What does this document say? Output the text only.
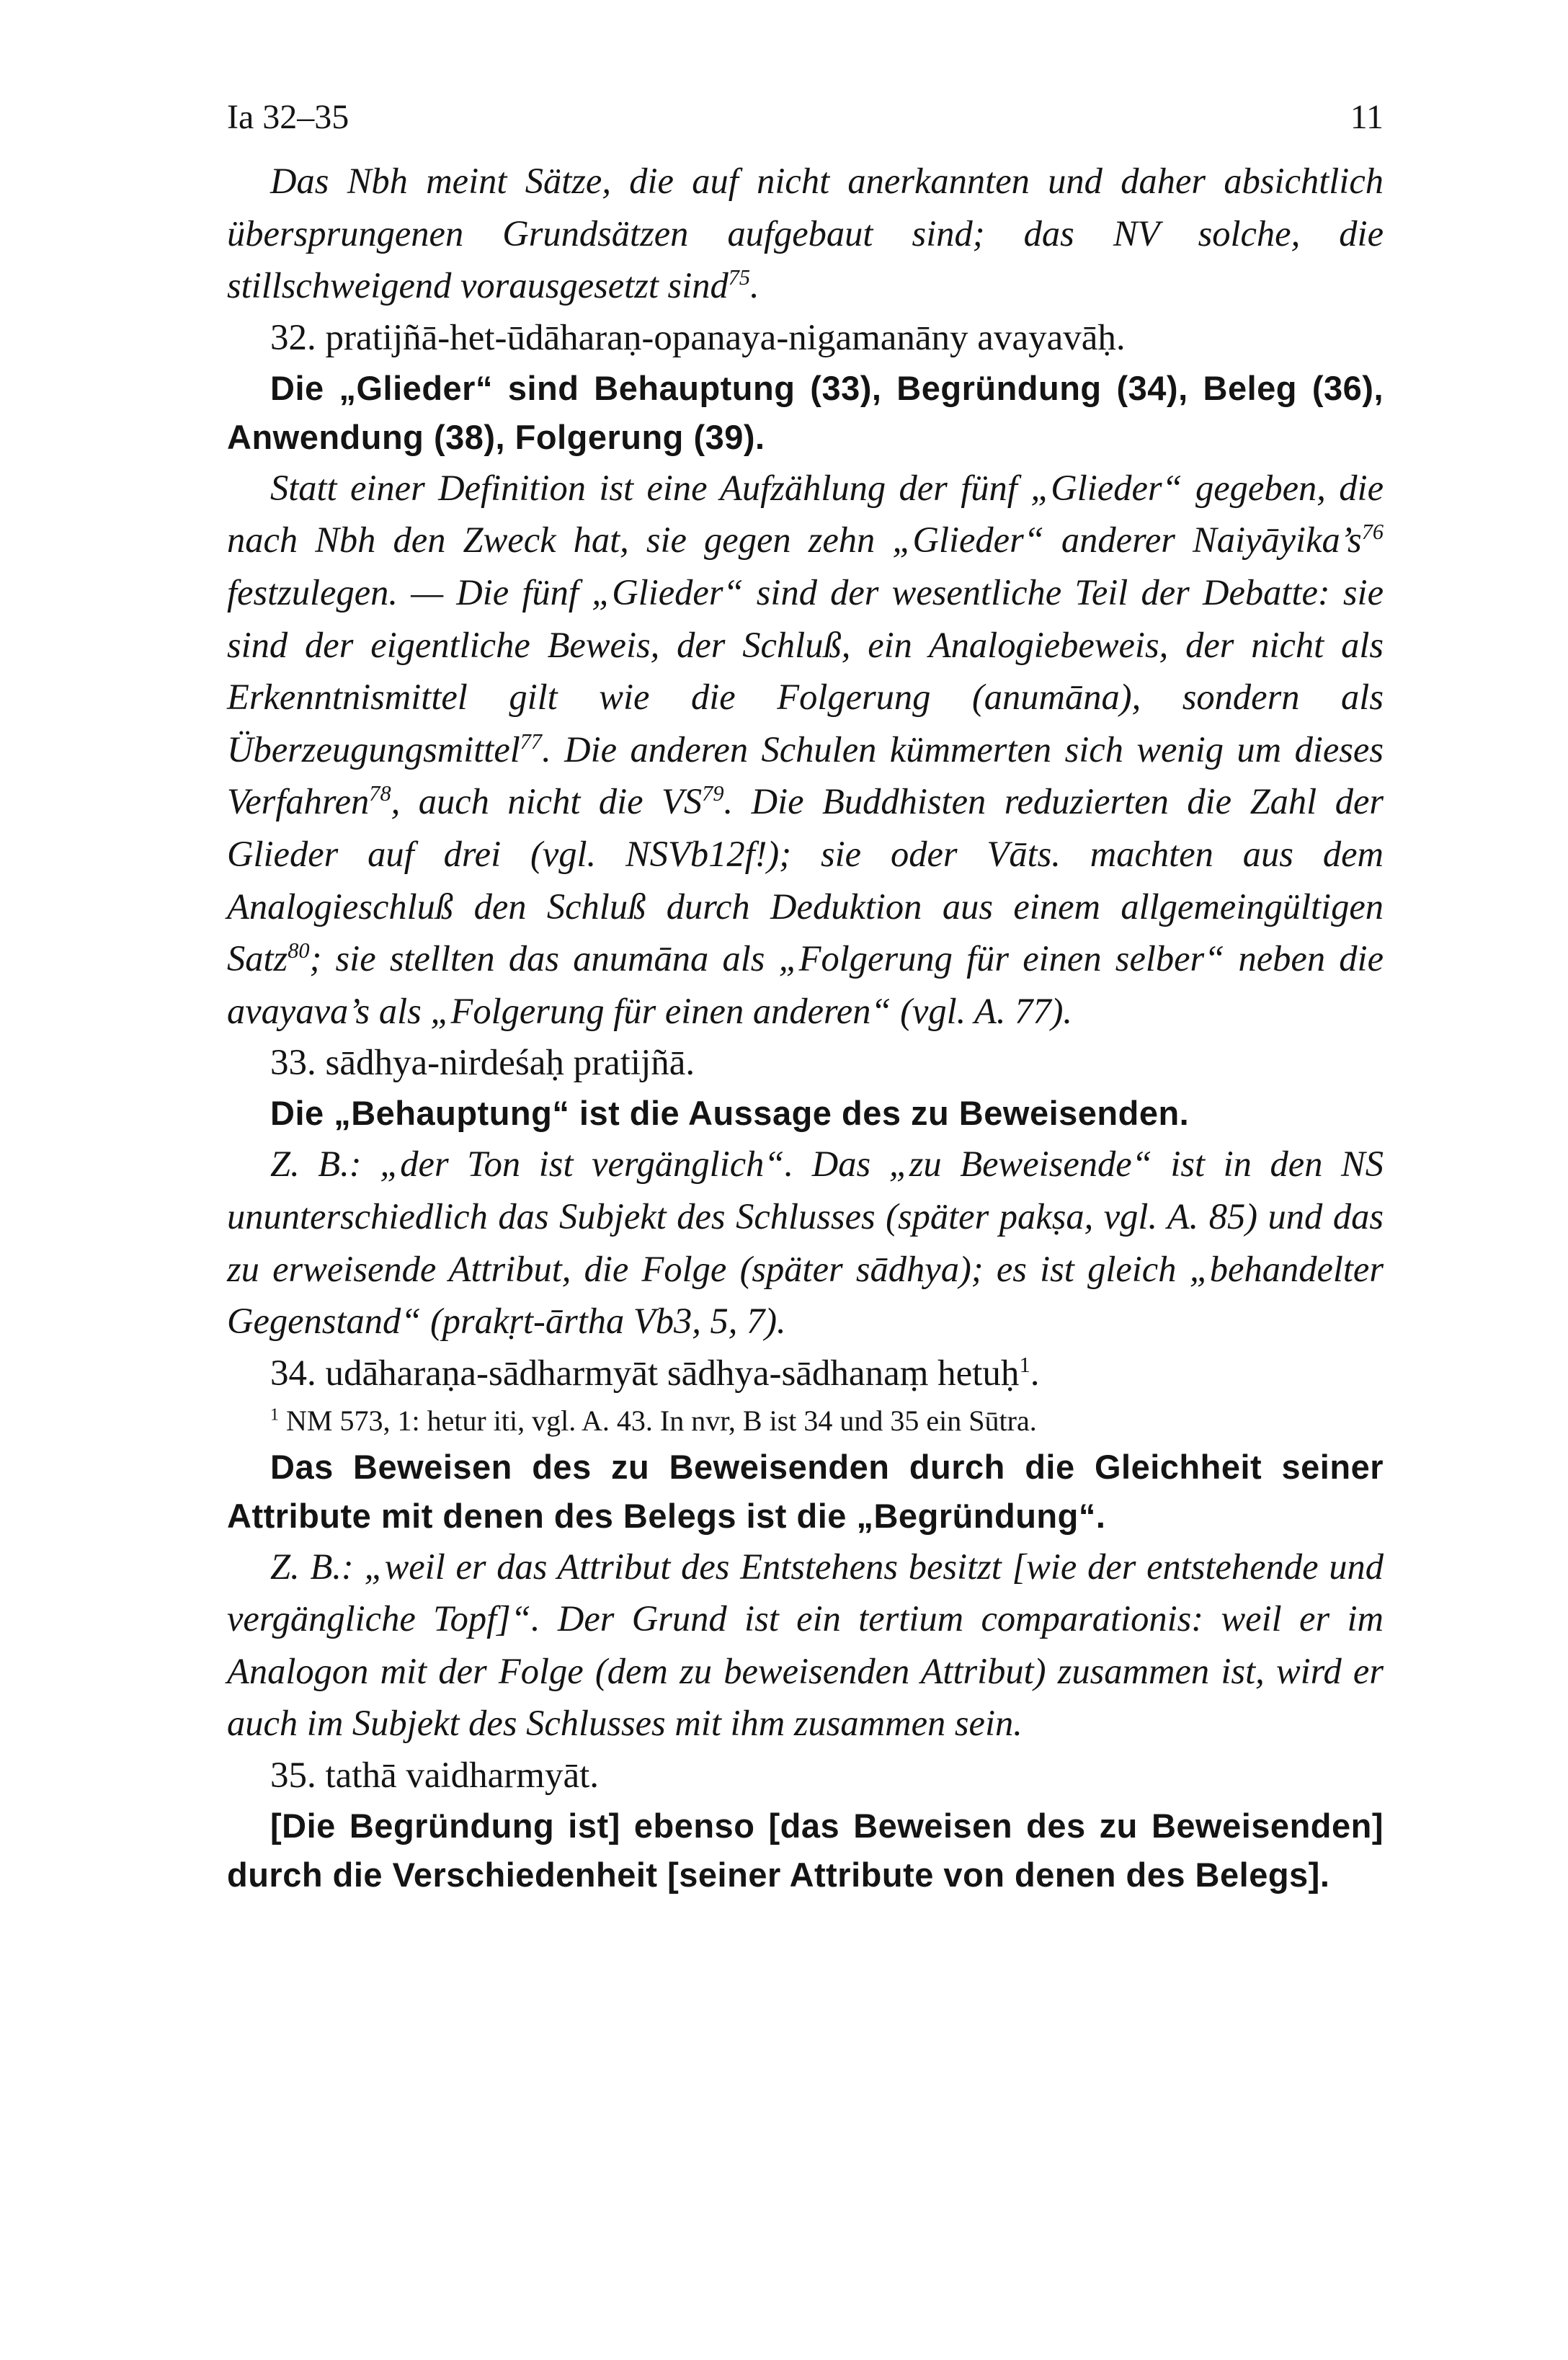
Ia 32–35	11

Das Nbh meint Sätze, die auf nicht anerkannten und daher absichtlich übersprungenen Grundsätzen aufgebaut sind; das NV solche, die stillschweigend vorausgesetzt sind$^{75}$.

32. pratijñā-het-ūdāharaṇ-opanaya-nigamanāny avayavāḥ.

Die „Glieder“ sind Behauptung (33), Begründung (34), Beleg (36), Anwendung (38), Folgerung (39).

Statt einer Definition ist eine Aufzählung der fünf „Glieder“ gegeben, die nach Nbh den Zweck hat, sie gegen zehn „Glieder“ anderer $Naiyāyika’s^{76}$ festzulegen. — Die fünf „Glieder“ sind der wesentliche Teil der Debatte: sie sind der eigentliche Beweis, der Schluß, ein Analogiebeweis, der nicht als Erkenntnismittel gilt wie die Folgerung (anumāna), sondern als Überzeugungsmittel$^{77}$. Die anderen Schulen kümmerten sich wenig um dieses Verfahren$^{78}$, auch nicht die VS$^{79}$. Die Buddhisten reduzierten die Zahl der Glieder auf drei (vgl. NSVb12f!); sie oder Vāts. machten aus dem Analogieschluß den Schluß durch Deduktion aus einem allgemeingültigen Satz$^{80}$; sie stellten das anumāna als „Folgerung für einen selber“ neben die avayava’s als „Folgerung für einen anderen“ (vgl. A. 77).

33. sādhya-nirdeśaḥ pratijñā.

Die „Behauptung“ ist die Aussage des zu Beweisenden.

Z. B.: „der Ton ist vergänglich“. Das „zu Beweisende“ ist in den NS ununterschiedlich das Subjekt des Schlusses (später pakṣa, vgl. A. 85) und das zu erweisende Attribut, die Folge (später sādhya); es ist gleich „behandelter Gegenstand“ (prakṛt-ārtha Vb3, 5, 7).

34. udāharaṇa-sādharmyāt sādhya-sādhanaṃ hetuḥ$^1$.

$^1$ NM 573, 1: hetur iti, vgl. A. 43. In nvr, B ist 34 und 35 ein Sūtra.

Das Beweisen des zu Beweisenden durch die Gleichheit seiner Attribute mit denen des Belegs ist die „Begründung“.

Z. B.: „weil er das Attribut des Entstehens besitzt [wie der entstehende und vergängliche Topf]“. Der Grund ist ein tertium comparationis: weil er im Analogon mit der Folge (dem zu beweisenden Attribut) zusammen ist, wird er auch im Subjekt des Schlusses mit ihm zusammen sein.

35. tathā vaidharmyāt.

[Die Begründung ist] ebenso [das Beweisen des zu Beweisenden] durch die Verschiedenheit [seiner Attribute von denen des Belegs].
